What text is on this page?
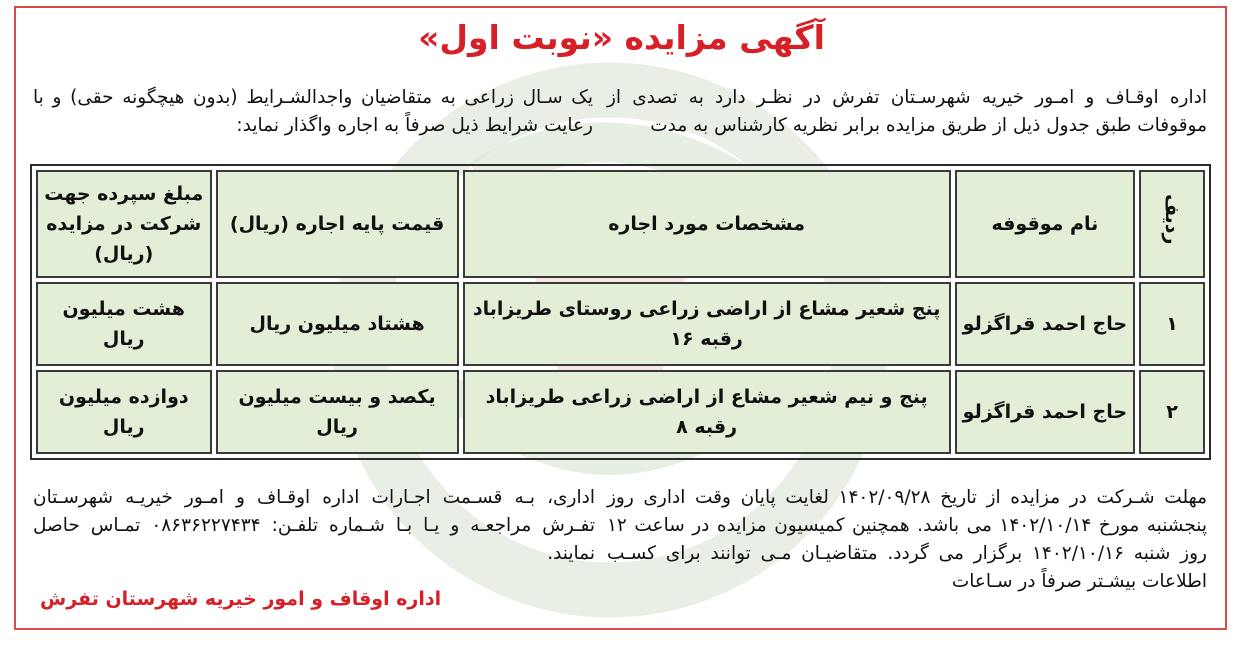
آگهی مزایده «نوبت اول»
اداره اوقـاف و امـور خیریه شهرسـتان تفرش در نظـر دارد به تصدی از موقوفات طبق جدول ذیل از طریق مزایده برابر نظریه کارشناس به مدت
یک سـال زراعی به متقاضیان واجدالشـرایط (بدون هیچگونه حقی) و با رعایت شرایط ذیل صرفاً به اجاره واگذار نماید:
ردیف	نام موقوفه	مشخصات مورد اجاره	قیمت پایه اجاره (ریال)	مبلغ سپرده جهت شرکت در مزایده (ریال)
۱	حاج احمد قراگزلو	پنج شعیر مشاع از اراضی زراعی روستای طریزاباد رقبه ۱۶	هشتاد میلیون ریال	هشت میلیون ریال
۲	حاج احمد قراگزلو	پنج و نیم شعیر مشاع از اراضی زراعی طریزاباد رقبه ۸	یکصد و بیست میلیون ریال	دوازده میلیون ریال
مهلت شـرکت در مزایده از تاریخ ۱۴۰۲/۰۹/۲۸ لغایت پایان وقت اداری روز پنجشنبه مورخ ۱۴۰۲/۱۰/۱۴ می باشد. همچنین کمیسیون مزایده در ساعت ۱۲ روز شنبه ۱۴۰۲/۱۰/۱۶ برگزار می گردد. متقاضیـان مـی توانند برای کسـب اطلاعات بیشـتر صرفاً در سـاعات
اداری، بـه قسـمت اجـارات اداره اوقـاف و امـور خیریـه شهرسـتان تفـرش مراجعـه و یـا بـا شـماره تلفـن: ۰۸۶۳۶۲۲۷۴۳۴ تمـاس حاصل نمایند.
اداره اوقاف و امور خیریه شهرستان تفرش
